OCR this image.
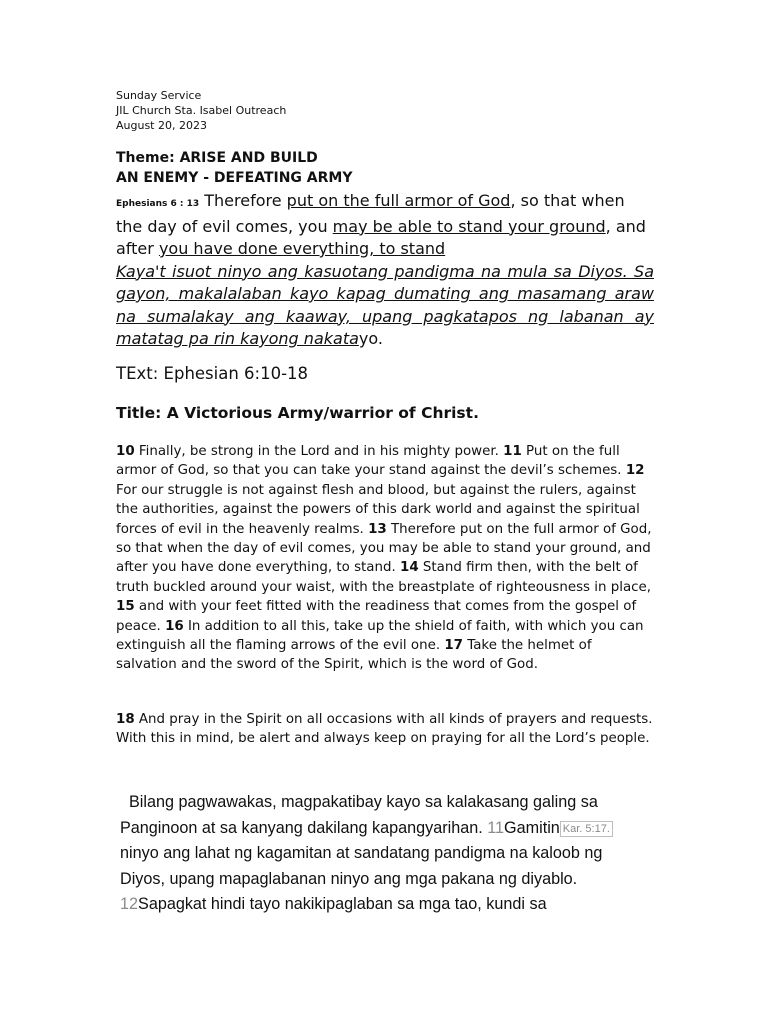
Sunday Service
JIL Church Sta. Isabel Outreach
August 20, 2023
Theme: ARISE AND BUILD
AN ENEMY - DEFEATING ARMY
Ephesians 6 : 13 Therefore put on the full armor of God, so that when the day of evil comes, you may be able to stand your ground, and after you have done everything, to stand
Kaya't isuot ninyo ang kasuotang pandigma na mula sa Diyos. Sa gayon, makalalaban kayo kapag dumating ang masamang araw na sumalakay ang kaaway, upang pagkatapos ng labanan ay matatag pa rin kayong nakatayo.
TExt: Ephesian 6:10-18
Title: A Victorious Army/warrior of Christ.
10 Finally, be strong in the Lord and in his mighty power. 11 Put on the full armor of God, so that you can take your stand against the devil’s schemes. 12 For our struggle is not against flesh and blood, but against the rulers, against the authorities, against the powers of this dark world and against the spiritual forces of evil in the heavenly realms. 13 Therefore put on the full armor of God, so that when the day of evil comes, you may be able to stand your ground, and after you have done everything, to stand. 14 Stand firm then, with the belt of truth buckled around your waist, with the breastplate of righteousness in place, 15 and with your feet fitted with the readiness that comes from the gospel of peace. 16 In addition to all this, take up the shield of faith, with which you can extinguish all the flaming arrows of the evil one. 17 Take the helmet of salvation and the sword of the Spirit, which is the word of God.
18 And pray in the Spirit on all occasions with all kinds of prayers and requests. With this in mind, be alert and always keep on praying for all the Lord’s people.
Bilang pagwawakas, magpakatibay kayo sa kalakasang galing sa Panginoon at sa kanyang dakilang kapangyarihan. 11Gamitin Kar. 5:17. ninyo ang lahat ng kagamitan at sandatang pandigma na kaloob ng Diyos, upang mapaglabanan ninyo ang mga pakana ng diyablo. 12Sapagkat hindi tayo nakikipaglaban sa mga tao, kundi sa
